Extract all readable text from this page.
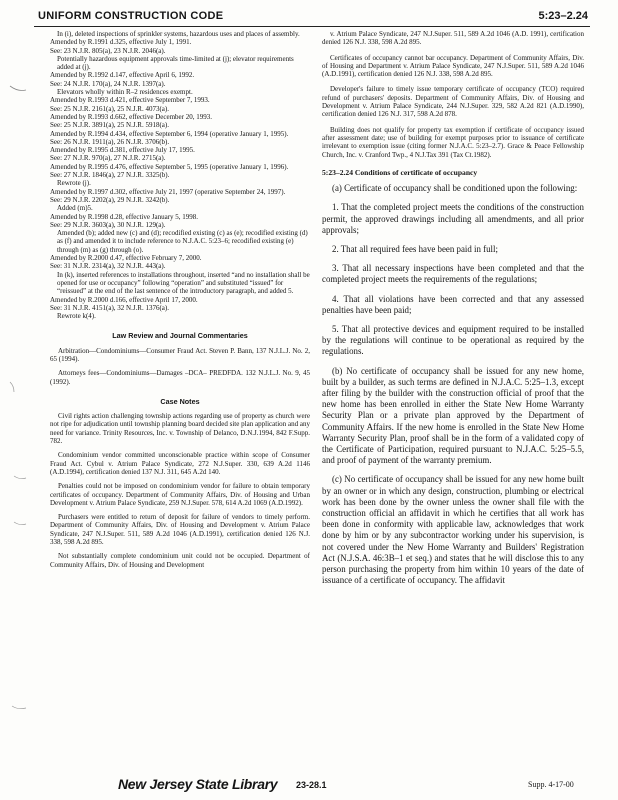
UNIFORM CONSTRUCTION CODE	5:23–2.24

In (i), deleted inspections of sprinkler systems, hazardous uses and places of assembly.

Amended by R.1991 d.325, effective July 1, 1991.

See: 23 N.J.R. 805(a), 23 N.J.R. 2046(a).

Potentially hazardous equipment approvals time-limited at (j); elevator requirements added at (j).

Amended by R.1992 d.147, effective April 6, 1992.

See: 24 N.J.R. 170(a), 24 N.J.R. 1397(a).

Elevators wholly within R–2 residences exempt.

Amended by R.1993 d.421, effective September 7, 1993.

See: 25 N.J.R. 2161(a), 25 N.J.R. 4073(a).

Amended by R.1993 d.662, effective December 20, 1993.

See: 25 N.J.R. 3891(a), 25 N.J.R. 5918(a).

Amended by R.1994 d.434, effective September 6, 1994 (operative January 1, 1995).

See: 26 N.J.R. 1911(a), 26 N.J.R. 3706(b).

Amended by R.1995 d.381, effective July 17, 1995.

See: 27 N.J.R. 970(a), 27 N.J.R. 2715(a).

Amended by R.1995 d.476, effective September 5, 1995 (operative January 1, 1996).

See: 27 N.J.R. 1846(a), 27 N.J.R. 3325(b).

Rewrote (j).

Amended by R.1997 d.302, effective July 21, 1997 (operative September 24, 1997).

See: 29 N.J.R. 2202(a), 29 N.J.R. 3242(b).

Added (m)5.

Amended by R.1998 d.28, effective January 5, 1998.

See: 29 N.J.R. 3603(a), 30 N.J.R. 129(a).

Amended (b); added new (c) and (d); recodified existing (c) as (e); recodified existing (d) as (f) and amended it to include reference to N.J.A.C. 5:23–6; recodified existing (e) through (m) as (g) through (o).

Amended by R.2000 d.47, effective February 7, 2000.

See: 31 N.J.R. 2314(a), 32 N.J.R. 443(a).

In (k), inserted references to installations throughout, inserted “and no installation shall be opened for use or occupancy” following “operation” and substituted “issued” for “reissued” at the end of the last sentence of the introductory paragraph, and added 5.

Amended by R.2000 d.166, effective April 17, 2000.

See: 31 N.J.R. 4151(a), 32 N.J.R. 1376(a).

Rewrote k(4).

Law Review and Journal Commentaries

Arbitration—Condominiums—Consumer Fraud Act. Steven P. Bann, 137 N.J.L.J. No. 2, 65 (1994).

Attorneys fees—Condominiums—Damages –DCA– PREDFDA. 132 N.J.L.J. No. 9, 45 (1992).

Case Notes

Civil rights action challenging township actions regarding use of property as church were not ripe for adjudication until township planning board decided site plan application and any need for variance. Trinity Resources, Inc. v. Township of Delanco, D.N.J.1994, 842 F.Supp. 782.

Condominium vendor committed unconscionable practice within scope of Consumer Fraud Act. Cybul v. Atrium Palace Syndicate, 272 N.J.Super. 330, 639 A.2d 1146 (A.D.1994), certification denied 137 N.J. 311, 645 A.2d 140.

Penalties could not be imposed on condominium vendor for failure to obtain temporary certificates of occupancy. Department of Community Affairs, Div. of Housing and Urban Development v. Atrium Palace Syndicate, 259 N.J.Super. 578, 614 A.2d 1069 (A.D.1992).

Purchasers were entitled to return of deposit for failure of vendors to timely perform. Department of Community Affairs, Div. of Housing and Development v. Atrium Palace Syndicate, 247 N.J.Super. 511, 589 A.2d 1046 (A.D.1991), certification denied 126 N.J. 338, 598 A.2d 895.

Not substantially complete condominium unit could not be occupied. Department of Community Affairs, Div. of Housing and Development

v. Atrium Palace Syndicate, 247 N.J.Super. 511, 589 A.2d 1046 (A.D. 1991), certification denied 126 N.J. 338, 598 A.2d 895.

Certificates of occupancy cannot bar occupancy. Department of Community Affairs, Div. of Housing and Department v. Atrium Palace Syndicate, 247 N.J.Super. 511, 589 A.2d 1046 (A.D.1991), certification denied 126 N.J. 338, 598 A.2d 895.

Developer's failure to timely issue temporary certificate of occupancy (TCO) required refund of purchasers' deposits. Department of Community Affairs, Div. of Housing and Development v. Atrium Palace Syndicate, 244 N.J.Super. 329, 582 A.2d 821 (A.D.1990), certification denied 126 N.J. 317, 598 A.2d 878.

Building does not qualify for property tax exemption if certificate of occupancy issued after assessment date; use of building for exempt purposes prior to issuance of certificate irrelevant to exemption issue (citing former N.J.A.C. 5:23–2.7). Grace & Peace Fellowship Church, Inc. v. Cranford Twp., 4 N.J.Tax 391 (Tax Ct.1982).

5:23–2.24 Conditions of certificate of occupancy

(a) Certificate of occupancy shall be conditioned upon the following:

1. That the completed project meets the conditions of the construction permit, the approved drawings including all amendments, and all prior approvals;

2. That all required fees have been paid in full;

3. That all necessary inspections have been completed and that the completed project meets the requirements of the regulations;

4. That all violations have been corrected and that any assessed penalties have been paid;

5. That all protective devices and equipment required to be installed by the regulations will continue to be operational as required by the regulations.

(b) No certificate of occupancy shall be issued for any new home, built by a builder, as such terms are defined in N.J.A.C. 5:25–1.3, except after filing by the builder with the construction official of proof that the new home has been enrolled in either the State New Home Warranty Security Plan or a private plan approved by the Department of Community Affairs. If the new home is enrolled in the State New Home Warranty Security Plan, proof shall be in the form of a validated copy of the Certificate of Participation, required pursuant to N.J.A.C. 5:25–5.5, and proof of payment of the warranty premium.

(c) No certificate of occupancy shall be issued for any new home built by an owner or in which any design, construction, plumbing or electrical work has been done by the owner unless the owner shall file with the construction official an affidavit in which he certifies that all work has been done in conformity with applicable law, acknowledges that work done by him or by any subcontractor working under his supervision, is not covered under the New Home Warranty and Builders' Registration Act (N.J.S.A. 46:3B–1 et seq.) and states that he will disclose this to any person purchasing the property from him within 10 years of the date of issuance of a certificate of occupancy. The affidavit

New Jersey State Library 23-28.1	Supp. 4-17-00
